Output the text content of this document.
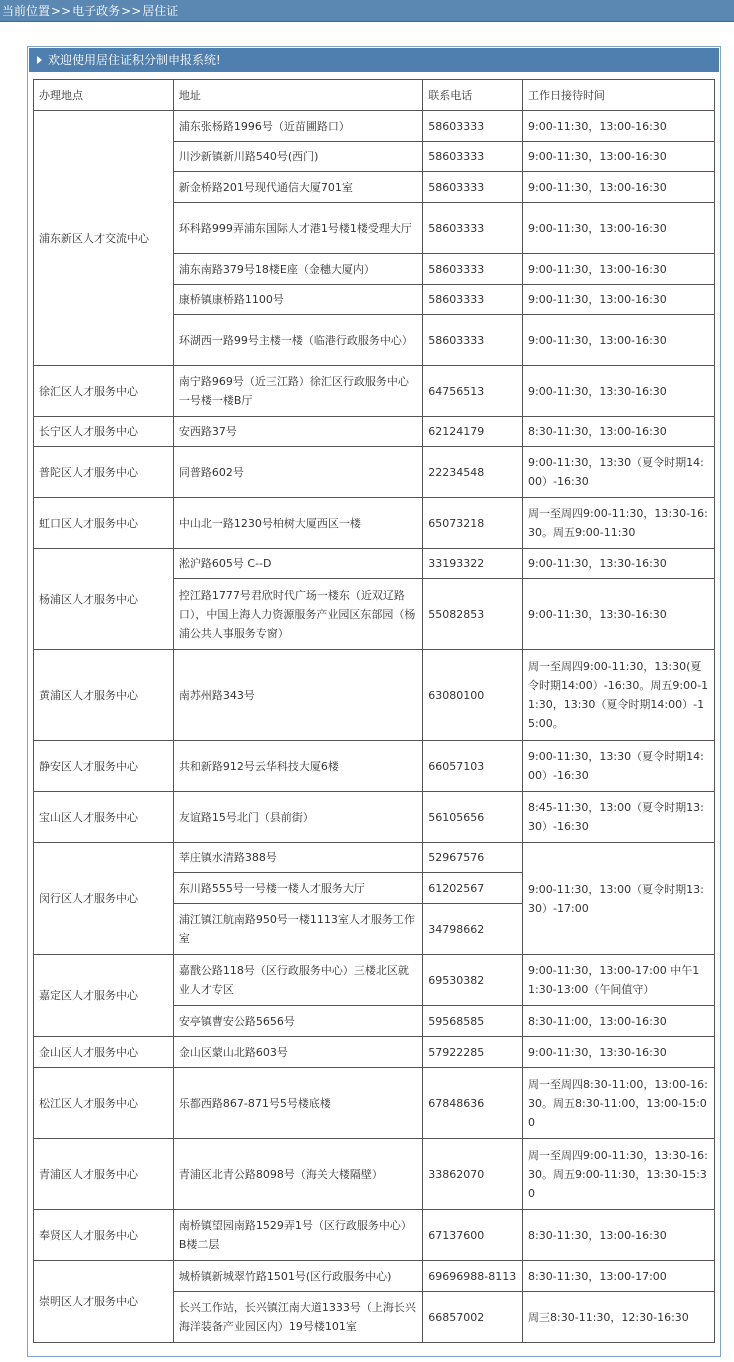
当前位置>>电子政务>>居住证
欢迎使用居住证积分制申报系统!
办理地点	地址	联系电话	工作日接待时间
浦东新区人才交流中心	浦东张杨路1996号（近苗圃路口）	58603333	9:00-11:30，13:00-16:30
	川沙新镇新川路540号(西门)	58603333	9:00-11:30，13:00-16:30
	新金桥路201号现代通信大厦701室	58603333	9:00-11:30，13:00-16:30
	环科路999弄浦东国际人才港1号楼1楼受理大厅	58603333	9:00-11:30，13:00-16:30
	浦东南路379号18楼E座（金穗大厦内）	58603333	9:00-11:30，13:00-16:30
	康桥镇康桥路1100号	58603333	9:00-11:30，13:00-16:30
	环湖西一路99号主楼一楼（临港行政服务中心）	58603333	9:00-11:30，13:00-16:30
徐汇区人才服务中心	南宁路969号（近三江路）徐汇区行政服务中心一号楼一楼B厅	64756513	9:00-11:30，13:30-16:30
长宁区人才服务中心	安西路37号	62124179	8:30-11:30，13:00-16:30
普陀区人才服务中心	同普路602号	22234548	9:00-11:30，13:30（夏令时期14:00）-16:30
虹口区人才服务中心	中山北一路1230号柏树大厦西区一楼	65073218	周一至周四9:00-11:30，13:30-16:30。周五9:00-11:30
杨浦区人才服务中心	淞沪路605号 C--D	33193322	9:00-11:30，13:30-16:30
	控江路1777号君欣时代广场一楼东（近双辽路口），中国上海人力资源服务产业园区东部园（杨浦公共人事服务专窗）	55082853	9:00-11:30，13:30-16:30
黄浦区人才服务中心	南苏州路343号	63080100	周一至周四9:00-11:30，13:30(夏令时期14:00）-16:30。周五9:00-11:30，13:30（夏令时期14:00）-15:00。
静安区人才服务中心	共和新路912号云华科技大厦6楼	66057103	9:00-11:30，13:30（夏令时期14:00）-16:30
宝山区人才服务中心	友谊路15号北门（县前街）	56105656	8:45-11:30，13:00（夏令时期13:30）-16:30
闵行区人才服务中心	莘庄镇水清路388号	52967576	9:00-11:30，13:00（夏令时期13:30）-17:00
	东川路555号一号楼一楼人才服务大厅	61202567	
	浦江镇江航南路950号一楼1113室人才服务工作室	34798662	
嘉定区人才服务中心	嘉戬公路118号（区行政服务中心）三楼北区就业人才专区	69530382	9:00-11:30，13:00-17:00 中午11:30-13:00（午间值守）
	安亭镇曹安公路5656号	59568585	8:30-11:00，13:00-16:30
金山区人才服务中心	金山区蒙山北路603号	57922285	9:00-11:30，13:30-16:30
松江区人才服务中心	乐都西路867-871号5号楼底楼	67848636	周一至周四8:30-11:00，13:00-16:30。周五8:30-11:00，13:00-15:00
青浦区人才服务中心	青浦区北青公路8098号（海关大楼隔壁）	33862070	周一至周四9:00-11:30，13:30-16:30。周五9:00-11:30，13:30-15:30
奉贤区人才服务中心	南桥镇望园南路1529弄1号（区行政服务中心）B楼二层	67137600	8:30-11:30，13:00-16:30
崇明区人才服务中心	城桥镇新城翠竹路1501号(区行政服务中心)	69696988-8113	8:30-11:30，13:00-17:00
	长兴工作站，长兴镇江南大道1333号（上海长兴海洋装备产业园区内）19号楼101室	66857002	周三8:30-11:30，12:30-16:30
